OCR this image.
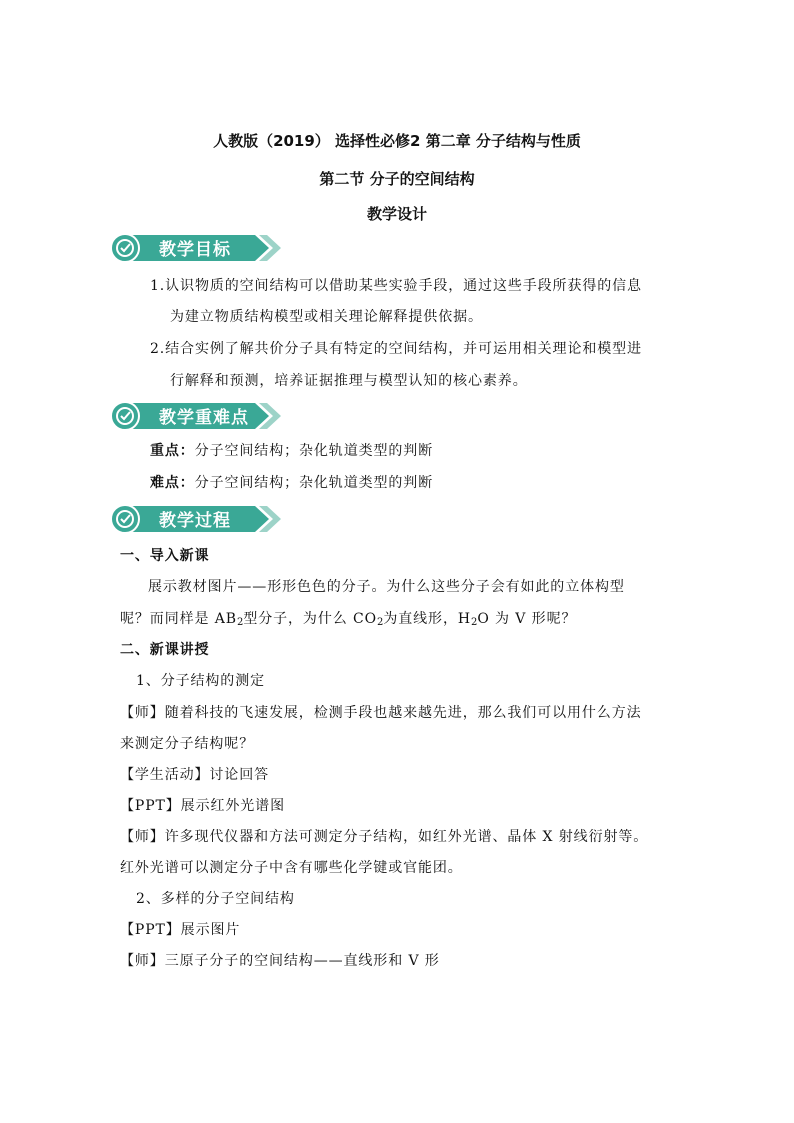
人教版（2019） 选择性必修2 第二章 分子结构与性质
第二节 分子的空间结构
教学设计
教学目标
1.认识物质的空间结构可以借助某些实验手段，通过这些手段所获得的信息
为建立物质结构模型或相关理论解释提供依据。
2.结合实例了解共价分子具有特定的空间结构，并可运用相关理论和模型进
行解释和预测，培养证据推理与模型认知的核心素养。
教学重难点
重点：分子空间结构；杂化轨道类型的判断
难点：分子空间结构；杂化轨道类型的判断
教学过程
一、导入新课
展示教材图片——形形色色的分子。为什么这些分子会有如此的立体构型
呢？而同样是 $AB_2$型分子，为什么 $CO_2$为直线形，$H_2O$ 为 V 形呢？
二、新课讲授
1、分子结构的测定
【师】随着科技的飞速发展，检测手段也越来越先进，那么我们可以用什么方法
来测定分子结构呢？
【学生活动】讨论回答
【PPT】展示红外光谱图
【师】许多现代仪器和方法可测定分子结构，如红外光谱、晶体 X 射线衍射等。
红外光谱可以测定分子中含有哪些化学键或官能团。
2、多样的分子空间结构
【PPT】展示图片
【师】三原子分子的空间结构——直线形和 V 形
